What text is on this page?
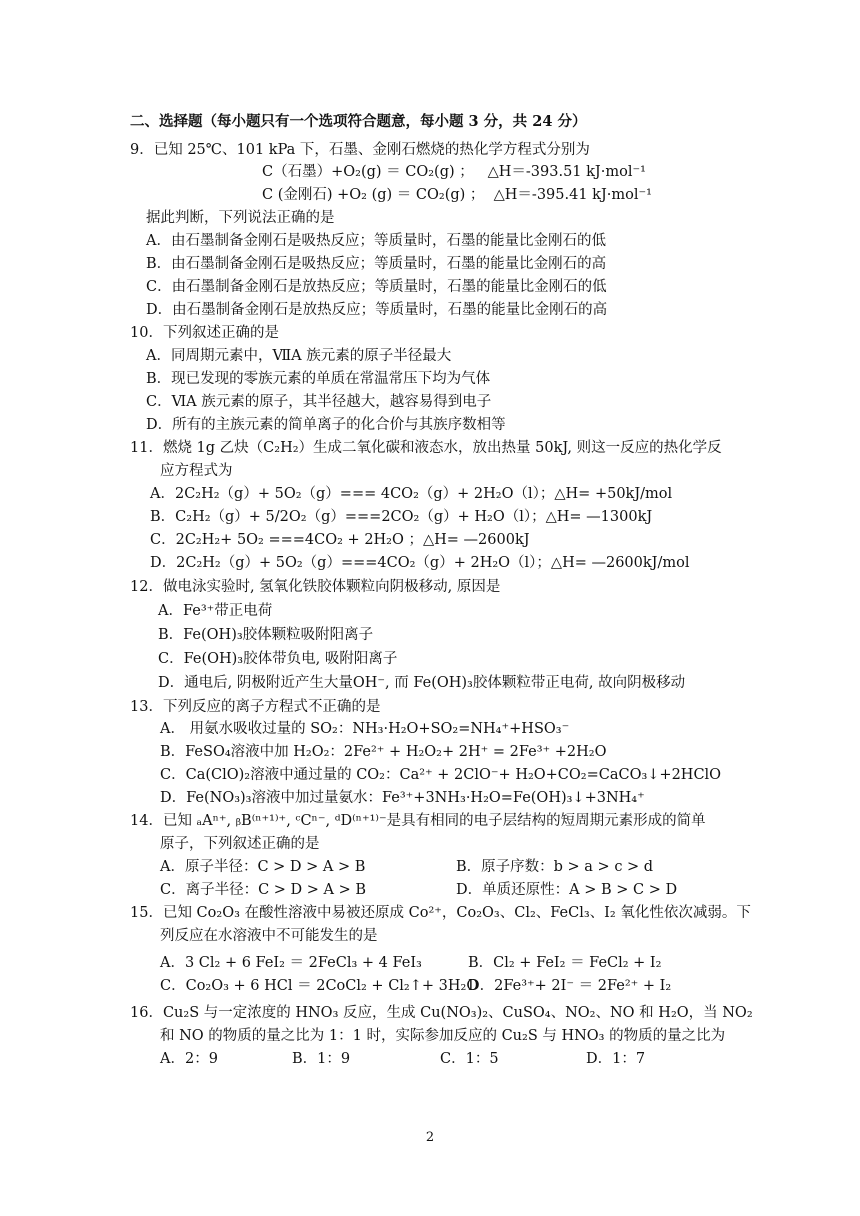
二、选择题（每小题只有一个选项符合题意，每小题 3 分，共 24 分）
9．已知 25℃、101 kPa 下，石墨、金刚石燃烧的热化学方程式分别为
C（石墨）+O₂(g) ＝ CO₂(g) ；   △H＝-393.51 kJ·mol⁻¹
C (金刚石) +O₂ (g) ＝ CO₂(g) ；  △H＝-395.41 kJ·mol⁻¹
据此判断，下列说法正确的是
A．由石墨制备金刚石是吸热反应；等质量时，石墨的能量比金刚石的低
B．由石墨制备金刚石是吸热反应；等质量时，石墨的能量比金刚石的高
C．由石墨制备金刚石是放热反应；等质量时，石墨的能量比金刚石的低
D．由石墨制备金刚石是放热反应；等质量时，石墨的能量比金刚石的高
10．下列叙述正确的是
A．同周期元素中，ⅦA 族元素的原子半径最大
B．现已发现的零族元素的单质在常温常压下均为气体
C．ⅥA 族元素的原子，其半径越大，越容易得到电子
D．所有的主族元素的简单离子的化合价与其族序数相等
11．燃烧 1g 乙炔（C₂H₂）生成二氧化碳和液态水，放出热量 50kJ, 则这一反应的热化学反
应方程式为
A．2C₂H₂（g）+ 5O₂（g）=== 4CO₂（g）+ 2H₂O（l）；△H= +50kJ/mol
B．C₂H₂（g）+ 5/2O₂（g）===2CO₂（g）+ H₂O（l）；△H= —1300kJ
C．2C₂H₂+ 5O₂ ===4CO₂ + 2H₂O ；△H= —2600kJ
D．2C₂H₂（g）+ 5O₂（g）===4CO₂（g）+ 2H₂O（l）；△H= —2600kJ/mol
12．做电泳实验时, 氢氧化铁胶体颗粒向阴极移动, 原因是
A．Fe³⁺带正电荷
B．Fe(OH)₃胶体颗粒吸附阳离子
C．Fe(OH)₃胶体带负电, 吸附阳离子
D．通电后, 阴极附近产生大量OH⁻, 而 Fe(OH)₃胶体颗粒带正电荷, 故向阴极移动
13．下列反应的离子方程式不正确的是
A． 用氨水吸收过量的 SO₂：NH₃·H₂O+SO₂=NH₄⁺+HSO₃⁻
B．FeSO₄溶液中加 H₂O₂：2Fe²⁺ + H₂O₂+ 2H⁺ = 2Fe³⁺ +2H₂O
C．Ca(ClO)₂溶液中通过量的 CO₂：Ca²⁺ + 2ClO⁻+ H₂O+CO₂=CaCO₃↓+2HClO
D．Fe(NO₃)₃溶液中加过量氨水：Fe³⁺+3NH₃·H₂O=Fe(OH)₃↓+3NH₄⁺
14．已知 ₐAⁿ⁺, ᵦB⁽ⁿ⁺¹⁾⁺, ᶜCⁿ⁻, ᵈD⁽ⁿ⁺¹⁾⁻是具有相同的电子层结构的短周期元素形成的简单
原子，下列叙述正确的是
A．原子半径：C > D > A > B	B．原子序数：b > a > c > d
C．离子半径：C > D > A > B	D．单质还原性：A > B > C > D
15．已知 Co₂O₃ 在酸性溶液中易被还原成 Co²⁺，Co₂O₃、Cl₂、FeCl₃、I₂ 氧化性依次减弱。下
列反应在水溶液中不可能发生的是
A．3 Cl₂ + 6 FeI₂ ＝ 2FeCl₃ + 4 FeI₃	B．Cl₂ + FeI₂ ＝ FeCl₂ + I₂
C．Co₂O₃ + 6 HCl ＝ 2CoCl₂ + Cl₂↑+ 3H₂O
D．2Fe³⁺+ 2I⁻ ＝ 2Fe²⁺ + I₂
16．Cu₂S 与一定浓度的 HNO₃ 反应，生成 Cu(NO₃)₂、CuSO₄、NO₂、NO 和 H₂O，当 NO₂
和 NO 的物质的量之比为 1：1 时，实际参加反应的 Cu₂S 与 HNO₃ 的物质的量之比为
A．2：9	B．1：9	C．1：5	D．1：7
2
